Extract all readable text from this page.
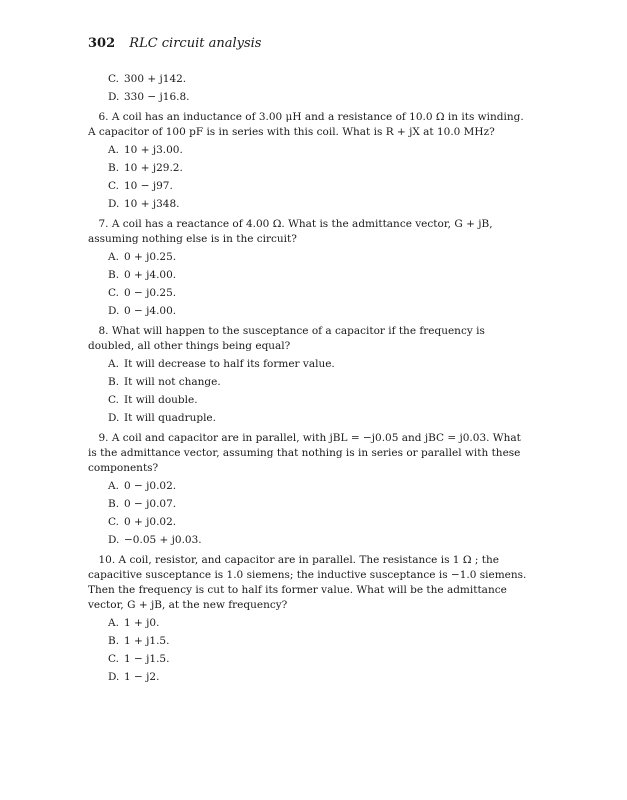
302 RLC circuit analysis
C. 300 + j142.
D. 330 − j16.8.

6. A coil has an inductance of 3.00 μH and a resistance of 10.0 Ω in its winding. A capacitor of 100 pF is in series with this coil. What is R + jX at 10.0 MHz?

A. 10 + j3.00.
B. 10 + j29.2.
C. 10 − j97.
D. 10 + j348.

7. A coil has a reactance of 4.00 Ω. What is the admittance vector, G + jB, assuming nothing else is in the circuit?

A. 0 + j0.25.
B. 0 + j4.00.
C. 0 − j0.25.
D. 0 − j4.00.

8. What will happen to the susceptance of a capacitor if the frequency is doubled, all other things being equal?

A. It will decrease to half its former value.
B. It will not change.
C. It will double.
D. It will quadruple.

9. A coil and capacitor are in parallel, with jBL = −j0.05 and jBC = j0.03. What is the admittance vector, assuming that nothing is in series or parallel with these components?

A. 0 − j0.02.
B. 0 − j0.07.
C. 0 + j0.02.
D. −0.05 + j0.03.

10. A coil, resistor, and capacitor are in parallel. The resistance is 1 Ω ; the capacitive susceptance is 1.0 siemens; the inductive susceptance is −1.0 siemens. Then the frequency is cut to half its former value. What will be the admittance vector, G + jB, at the new frequency?

A. 1 + j0.
B. 1 + j1.5.
C. 1 − j1.5.
D. 1 − j2.
